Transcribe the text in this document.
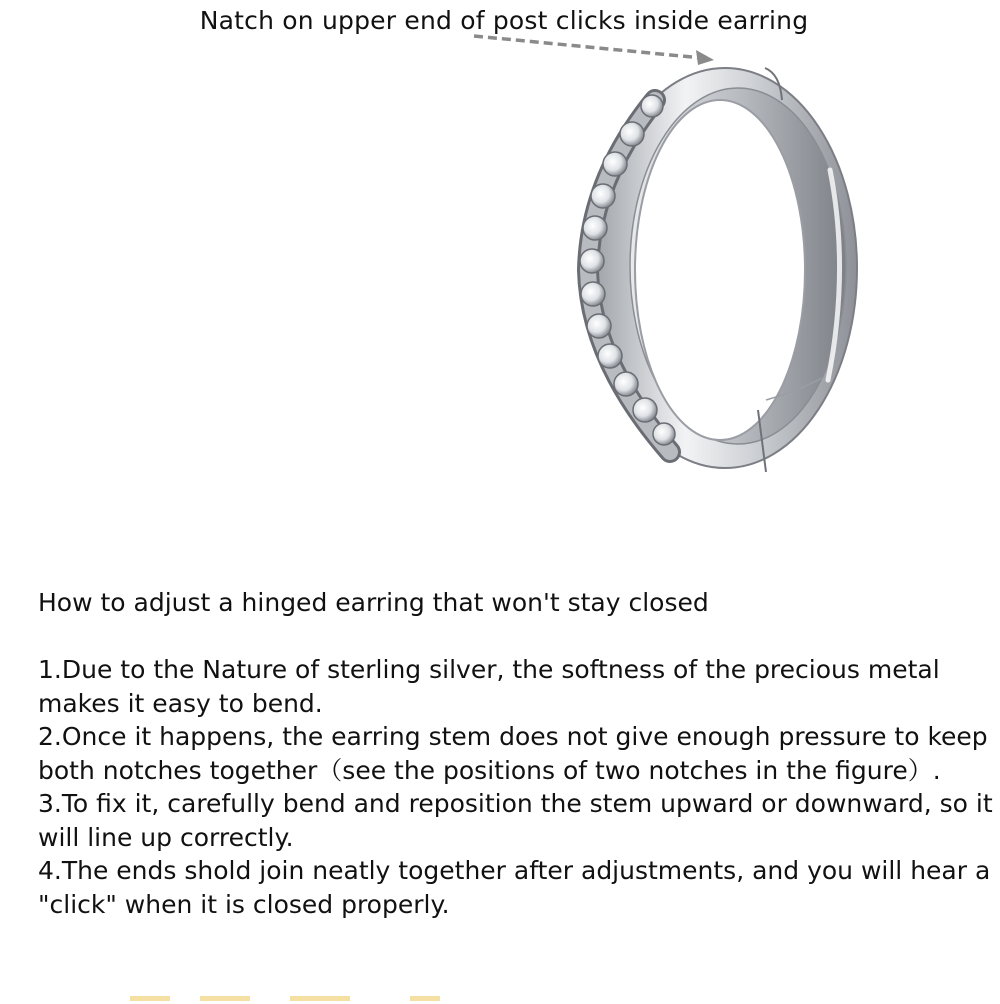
Natch on upper end of post clicks inside earring

How to adjust a hinged earring that won't stay closed

1.Due to the Nature of sterling silver, the softness of the precious metal

makes it easy to bend.

2.Once it happens, the earring stem does not give enough pressure to keep

both notches together（see the positions of two notches in the figure）.

3.To fix it, carefully bend and reposition the stem upward or downward, so it

will line up correctly.

4.The ends shold join neatly together after adjustments, and you will hear a

"click" when it is closed properly.
